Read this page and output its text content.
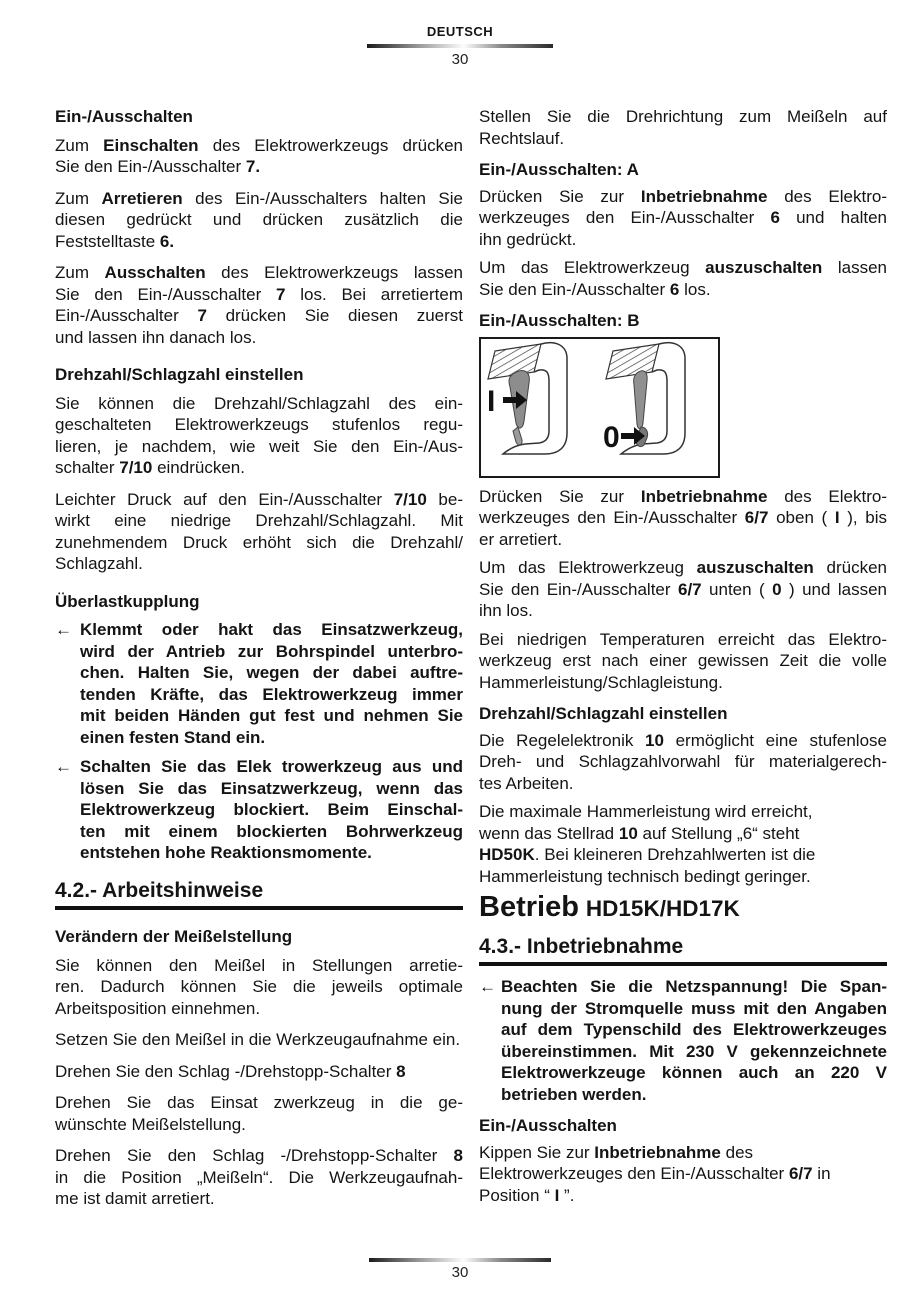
DEUTSCH
30
Ein-/Ausschalten
Zum Einschalten des Elektrowerkzeugs drücken
Sie den Ein-/Ausschalter 7.
Zum Arretieren des Ein-/Ausschalters halten Sie
diesen gedrückt und drücken zusätzlich die
Feststelltaste 6.
Zum Ausschalten des Elektrowerkzeugs lassen
Sie den Ein-/Ausschalter 7 los. Bei arretiertem
Ein-/Ausschalter 7 drücken Sie diesen zuerst
und lassen ihn danach los.
Drehzahl/Schlagzahl einstellen
Sie können die Drehzahl/Schlagzahl des ein-
geschalteten Elektrowerkzeugs stufenlos regu-
lieren, je nachdem, wie weit Sie den Ein-/Aus-
schalter 7/10 eindrücken.
Leichter Druck auf den Ein-/Ausschalter 7/10 be-
wirkt eine niedrige Drehzahl/Schlagzahl. Mit
zunehmendem Druck erhöht sich die Drehzahl/
Schlagzahl.
Überlastkupplung
← Klemmt oder hakt das Einsatzwerkzeug,
wird der Antrieb zur Bohrspindel unterbro-
chen. Halten Sie, wegen der dabei auftre-
tenden Kräfte, das Elektrowerkzeug immer
mit beiden Händen gut fest und nehmen Sie
einen festen Stand ein.
← Schalten Sie das Elek trowerkzeug aus und
lösen Sie das Einsatzwerkzeug, wenn das
Elektrowerkzeug blockiert. Beim Einschal-
ten mit einem blockierten Bohrwerkzeug
entstehen hohe Reaktionsmomente.
4.2.- Arbeitshinweise
Verändern der Meißelstellung
Sie können den Meißel in Stellungen arretie-
ren. Dadurch können Sie die jeweils optimale
Arbeitsposition einnehmen.
Setzen Sie den Meißel in die Werkzeugaufnahme ein.
Drehen Sie den Schlag -/Drehstopp-Schalter 8
Drehen Sie das Einsat zwerkzeug in die ge-
wünschte Meißelstellung.
Drehen Sie den Schlag -/Drehstopp-Schalter 8
in die Position „Meißeln“. Die Werkzeugaufnah-
me ist damit arretiert.
Stellen Sie die Drehrichtung zum Meißeln auf
Rechtslauf.
Ein-/Ausschalten: A
Drücken Sie zur Inbetriebnahme des Elektro-
werkzeuges den Ein-/Ausschalter 6 und halten
ihn gedrückt.
Um das Elektrowerkzeug auszuschalten lassen
Sie den Ein-/Ausschalter 6 los.
Ein-/Ausschalten: B
I
0
Drücken Sie zur Inbetriebnahme des Elektro-
werkzeuges den Ein-/Ausschalter 6/7 oben ( I ), bis
er arretiert.
Um das Elektrowerkzeug auszuschalten drücken
Sie den Ein-/Ausschalter 6/7 unten ( 0 ) und lassen
ihn los.
Bei niedrigen Temperaturen erreicht das Elektro-
werkzeug erst nach einer gewissen Zeit die volle
Hammerleistung/Schlagleistung.
Drehzahl/Schlagzahl einstellen
Die Regelelektronik 10 ermöglicht eine stufenlose
Dreh- und Schlagzahlvorwahl für materialgerech-
tes Arbeiten.
Die maximale Hammerleistung wird erreicht,
wenn das Stellrad 10 auf Stellung „6“ steht
HD50K. Bei kleineren Drehzahlwerten ist die
Hammerleistung technisch bedingt geringer.
Betrieb HD15K/HD17K
4.3.- Inbetriebnahme
← Beachten Sie die Netzspannung! Die Span-
nung der Stromquelle muss mit den Angaben
auf dem Typenschild des Elektrowerkzeuges
übereinstimmen. Mit 230 V gekennzeichnete
Elektrowerkzeuge können auch an 220 V
betrieben werden.
Ein-/Ausschalten
Kippen Sie zur Inbetriebnahme des
Elektrowerkzeuges den Ein-/Ausschalter 6/7 in
Position “ I ”.
30
